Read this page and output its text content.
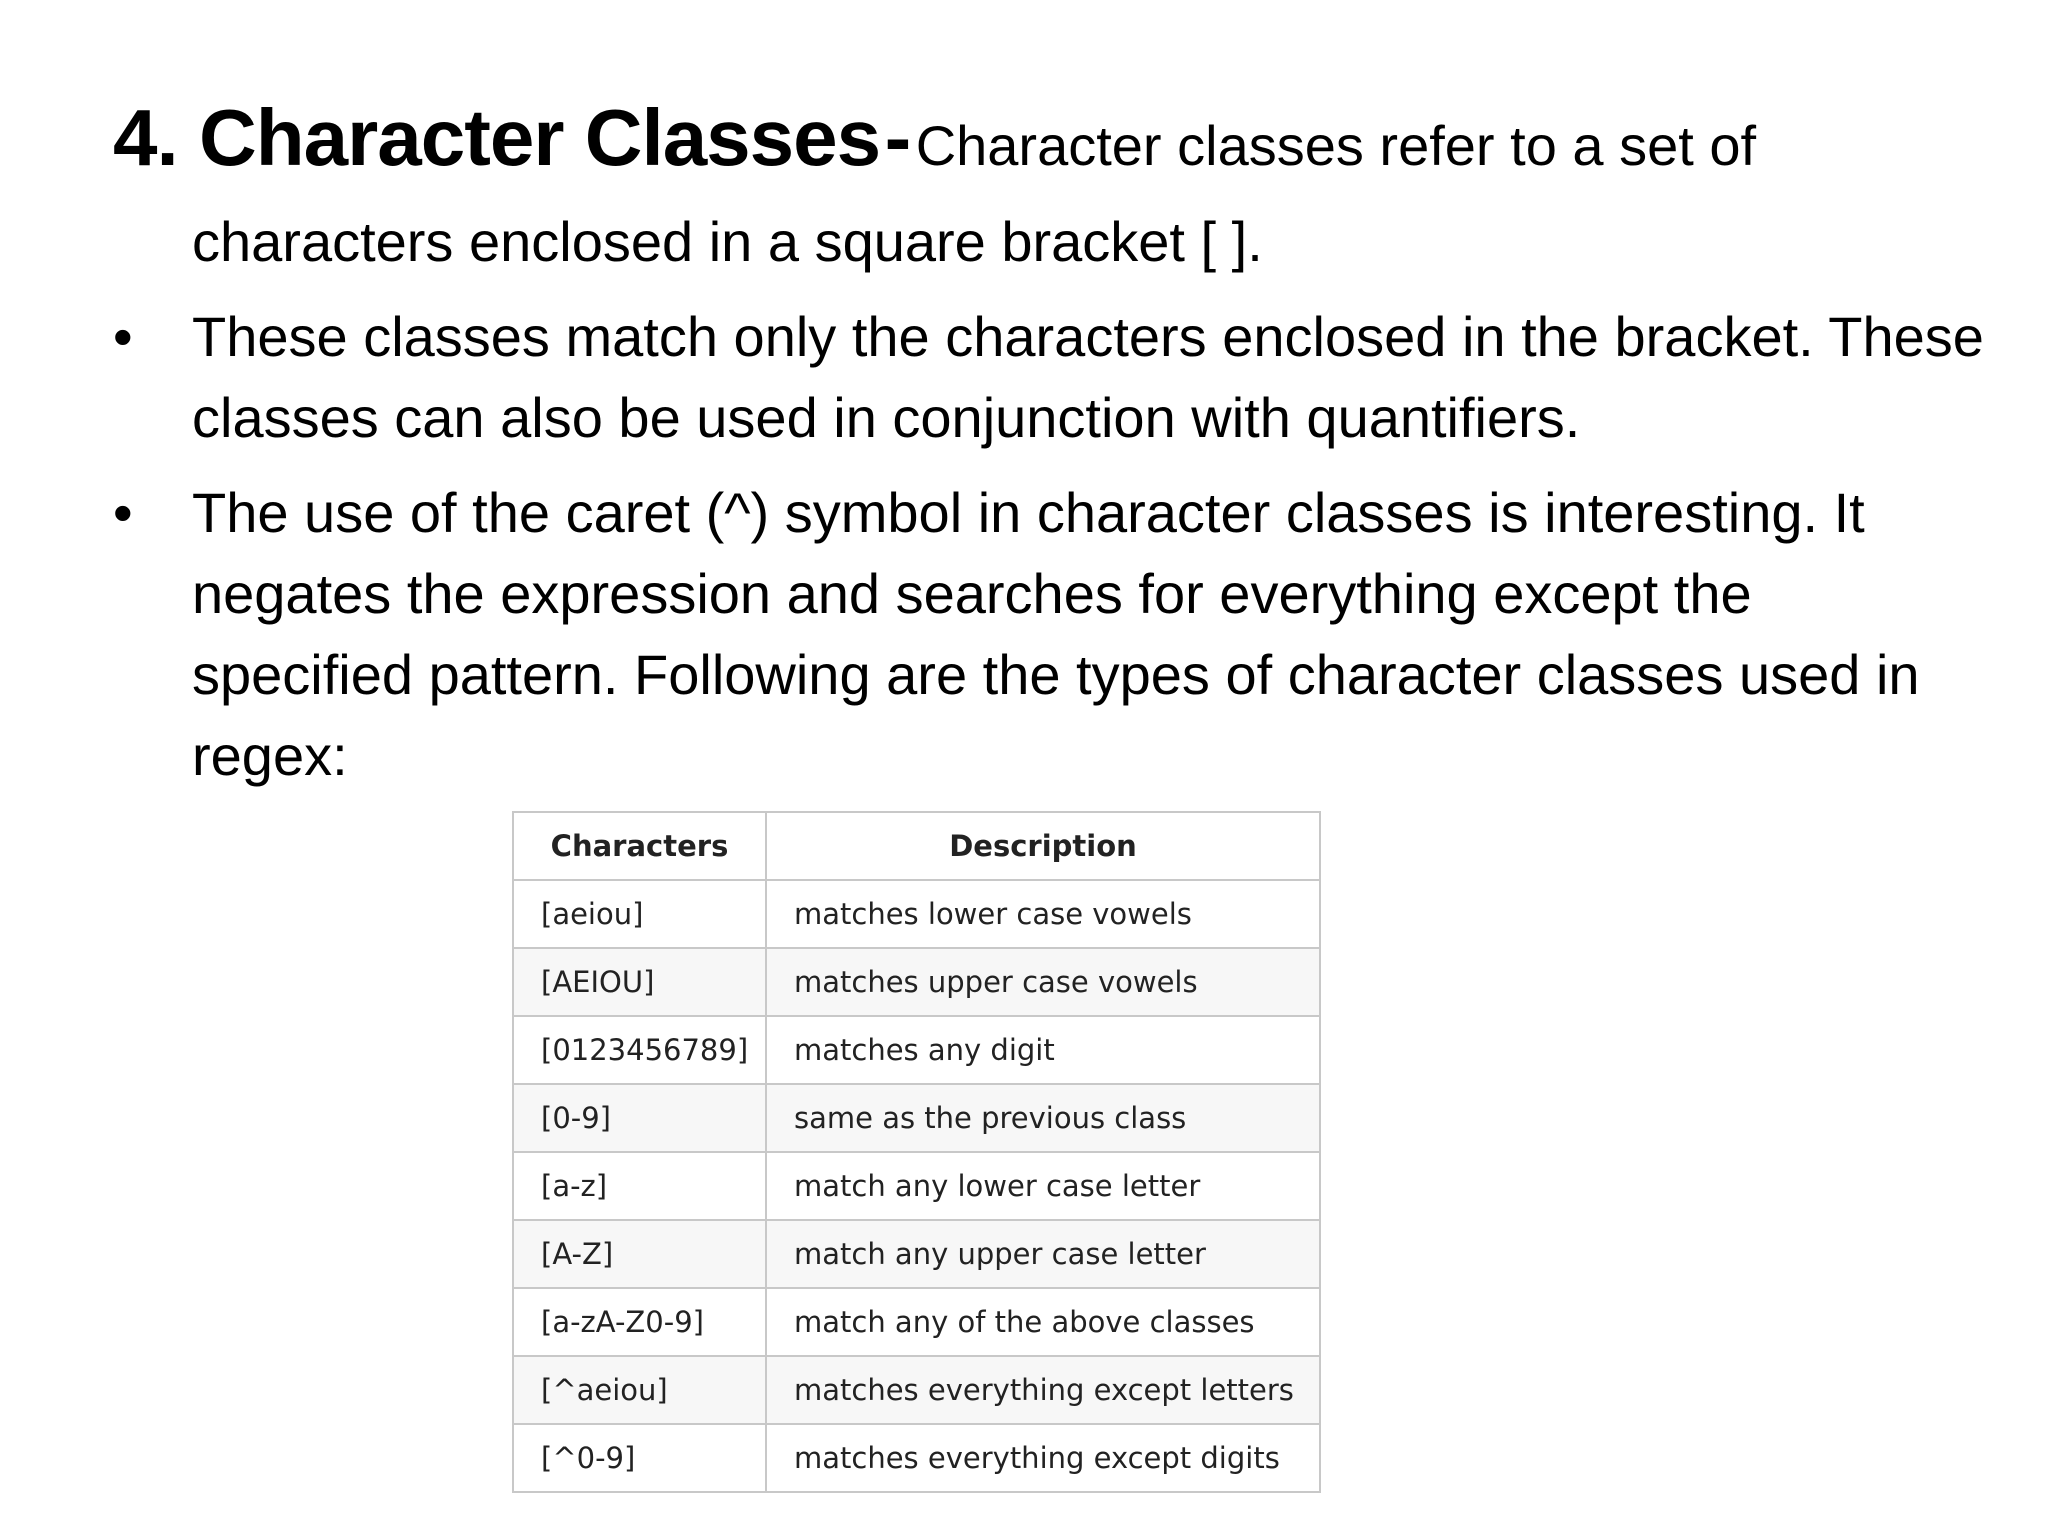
4. Character Classes - Character classes refer to a set of
characters enclosed in a square bracket [ ].
• These classes match only the characters enclosed in the bracket. These classes can also be used in conjunction with quantifiers.
• The use of the caret (^) symbol in character classes is interesting. It negates the expression and searches for everything except the specified pattern. Following are the types of character classes used in regex:
Characters	Description
[aeiou]	matches lower case vowels
[AEIOU]	matches upper case vowels
[0123456789]	matches any digit
[0-9]	same as the previous class
[a-z]	match any lower case letter
[A-Z]	match any upper case letter
[a-zA-Z0-9]	match any of the above classes
[^aeiou]	matches everything except letters
[^0-9]	matches everything except digits
